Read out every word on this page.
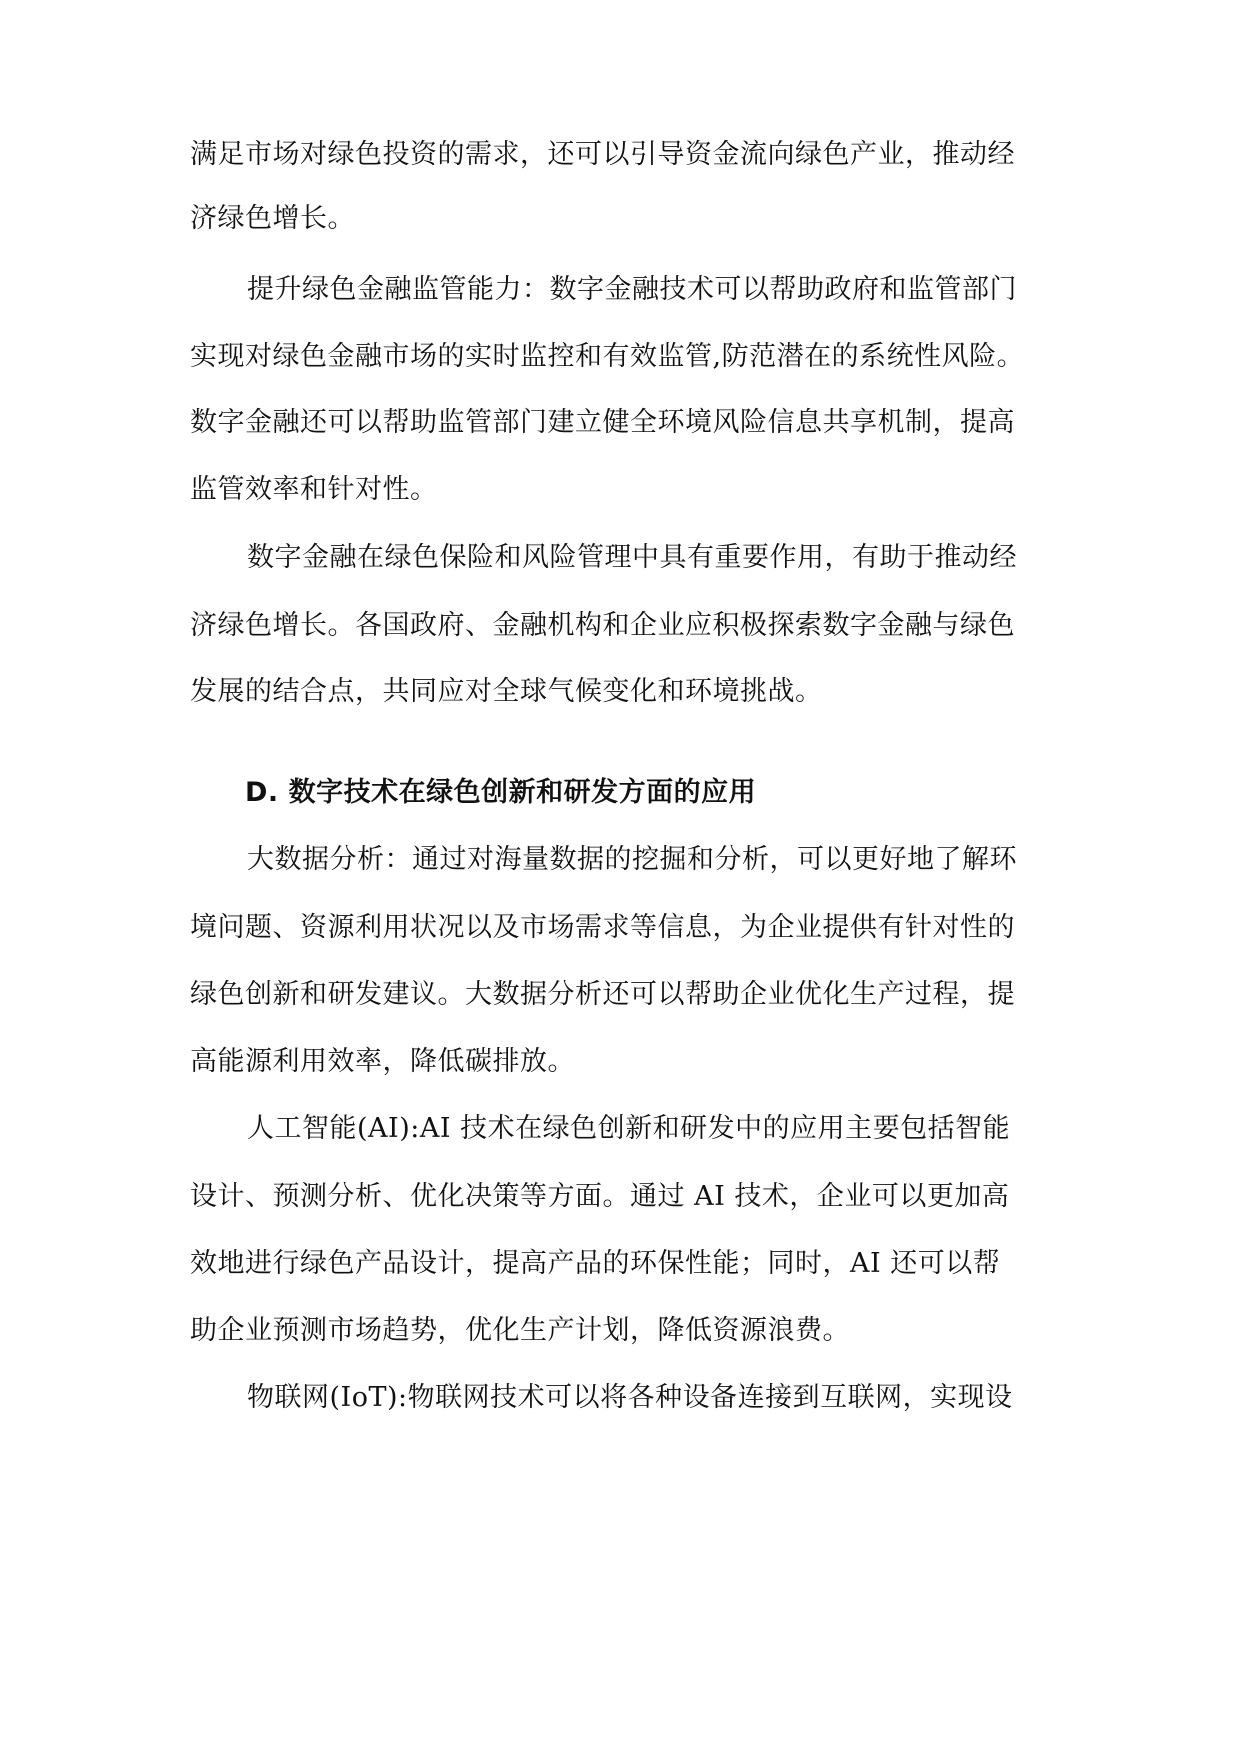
满足市场对绿色投资的需求，还可以引导资金流向绿色产业，推动经
济绿色增长。
提升绿色金融监管能力：数字金融技术可以帮助政府和监管部门
实现对绿色金融市场的实时监控和有效监管,防范潜在的系统性风险。
数字金融还可以帮助监管部门建立健全环境风险信息共享机制，提高
监管效率和针对性。
数字金融在绿色保险和风险管理中具有重要作用，有助于推动经
济绿色增长。各国政府、金融机构和企业应积极探索数字金融与绿色
发展的结合点，共同应对全球气候变化和环境挑战。
D. 数字技术在绿色创新和研发方面的应用
大数据分析：通过对海量数据的挖掘和分析，可以更好地了解环
境问题、资源利用状况以及市场需求等信息，为企业提供有针对性的
绿色创新和研发建议。大数据分析还可以帮助企业优化生产过程，提
高能源利用效率，降低碳排放。
人工智能(AI):AI 技术在绿色创新和研发中的应用主要包括智能
设计、预测分析、优化决策等方面。通过 AI 技术，企业可以更加高
效地进行绿色产品设计，提高产品的环保性能；同时，AI 还可以帮
助企业预测市场趋势，优化生产计划，降低资源浪费。
物联网(IoT):物联网技术可以将各种设备连接到互联网，实现设
